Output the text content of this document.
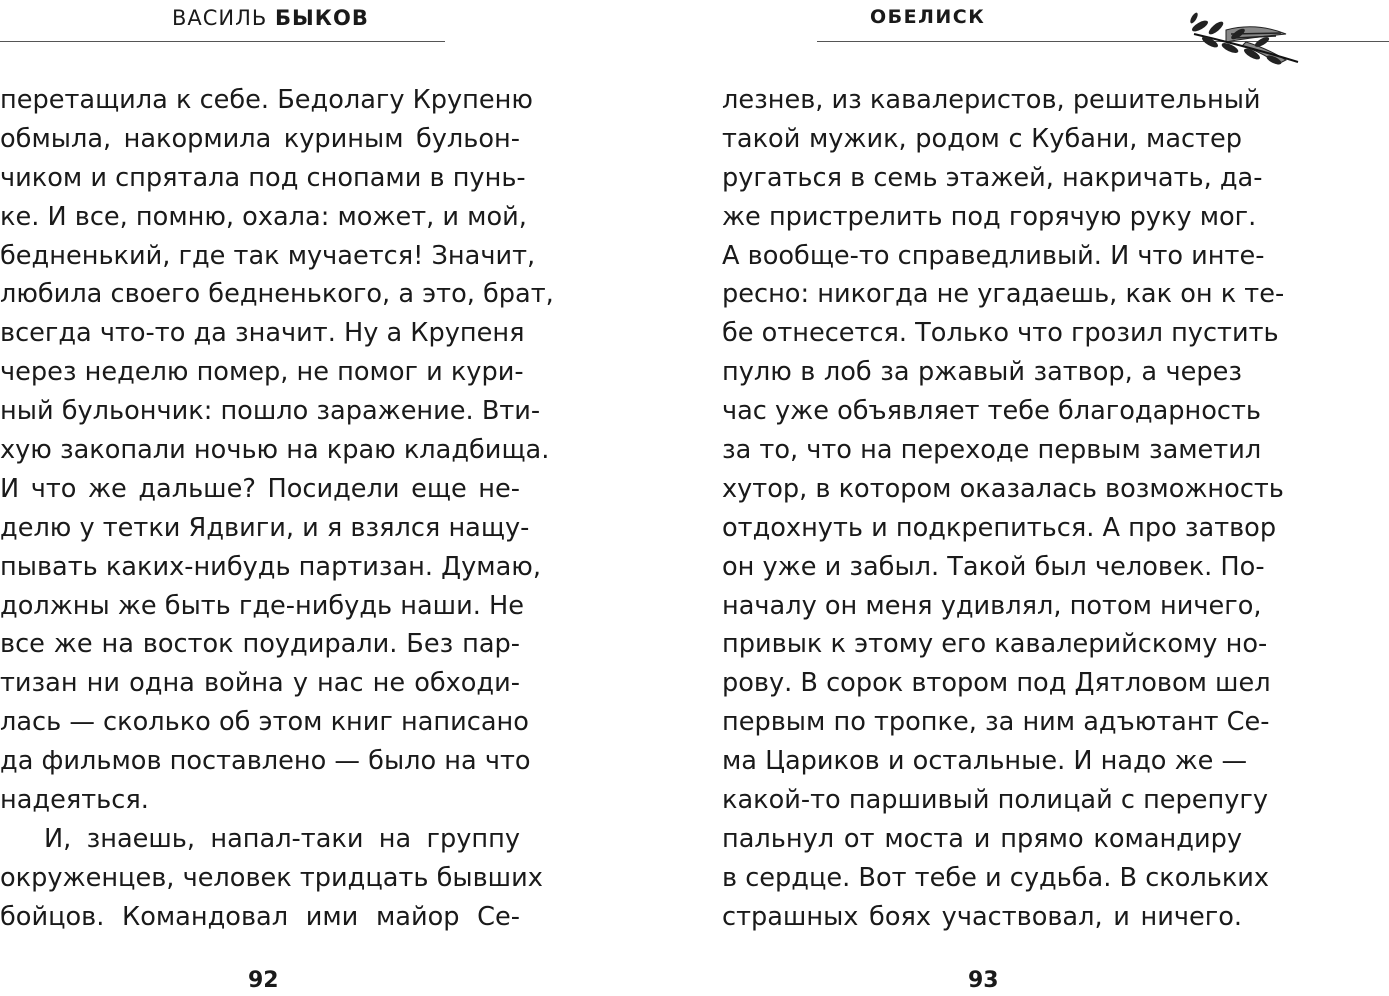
ВАСИЛЬ БЫКОВ
перетащила к себе. Бедолагу Крупеню
обмыла, накормила куриным бульон-
чиком и спрятала под снопами в пунь-
ке. И все, помню, охала: может, и мой,
бедненький, где так мучается! Значит,
любила своего бедненького, а это, брат,
всегда что-то да значит. Ну а Крупеня
через неделю помер, не помог и кури-
ный бульончик: пошло заражение. Вти-
хую закопали ночью на краю кладбища.
И что же дальше? Посидели еще не-
делю у тетки Ядвиги, и я взялся нащу-
пывать каких-нибудь партизан. Думаю,
должны же быть где-нибудь наши. Не
все же на восток поудирали. Без пар-
тизан ни одна война у нас не обходи-
лась — сколько об этом книг написано
да фильмов поставлено — было на что
надеяться.
И, знаешь, напал-таки на группу
окруженцев, человек тридцать бывших
бойцов. Командовал ими майор Се-
92
ОБЕЛИСК
лезнев, из кавалеристов, решительный
такой мужик, родом с Кубани, мастер
ругаться в семь этажей, накричать, да-
же пристрелить под горячую руку мог.
А вообще-то справедливый. И что инте-
ресно: никогда не угадаешь, как он к те-
бе отнесется. Только что грозил пустить
пулю в лоб за ржавый затвор, а через
час уже объявляет тебе благодарность
за то, что на переходе первым заметил
хутор, в котором оказалась возможность
отдохнуть и подкрепиться. А про затвор
он уже и забыл. Такой был человек. По-
началу он меня удивлял, потом ничего,
привык к этому его кавалерийскому но-
рову. В сорок втором под Дятловом шел
первым по тропке, за ним адъютант Се-
ма Цариков и остальные. И надо же —
какой-то паршивый полицай с перепугу
пальнул от моста и прямо командиру
в сердце. Вот тебе и судьба. В скольких
страшных боях участвовал, и ничего.
93
